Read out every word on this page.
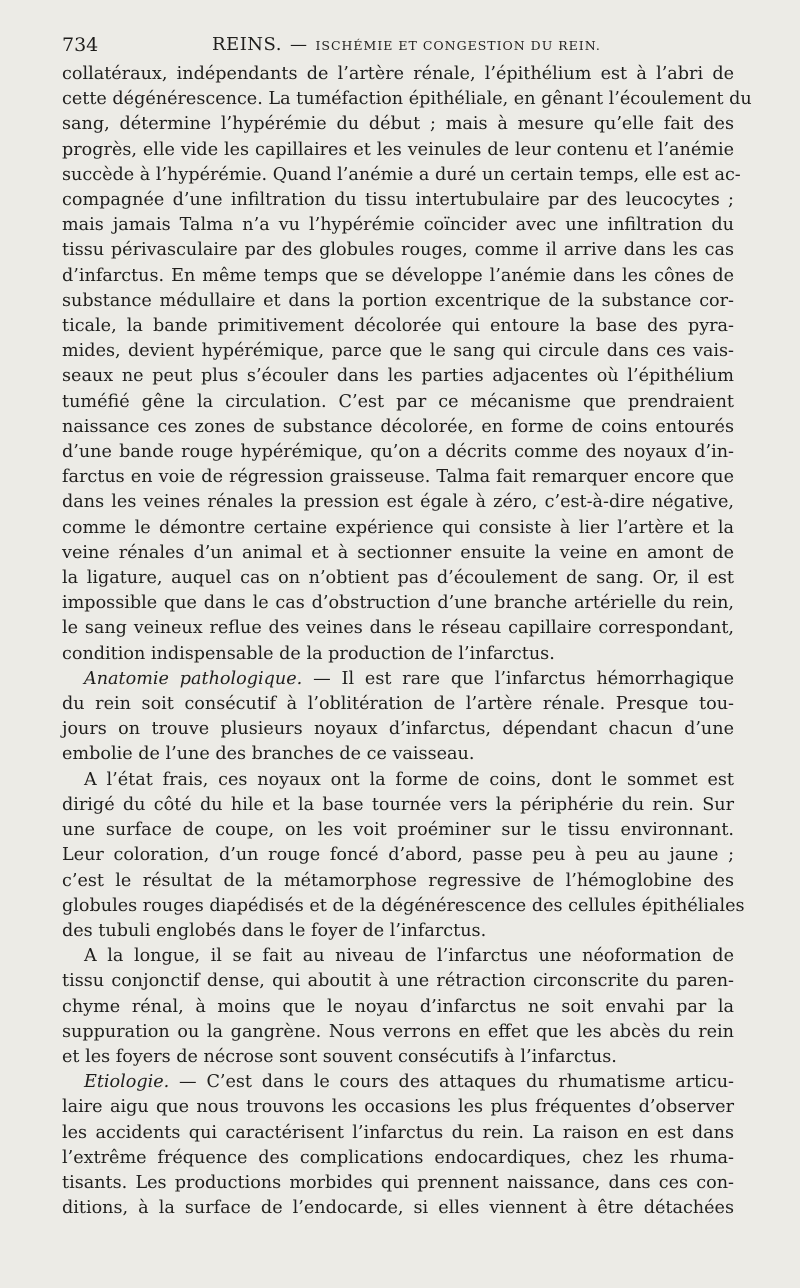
734	REINS. — ISCHÉMIE ET CONGESTION DU REIN.
collatéraux, indépendants de l’artère rénale, l’épithélium est à l’abri de
cette dégénérescence. La tuméfaction épithéliale, en gênant l’écoulement du
sang, détermine l’hypérémie du début ; mais à mesure qu’elle fait des
progrès, elle vide les capillaires et les veinules de leur contenu et l’anémie
succède à l’hypérémie. Quand l’anémie a duré un certain temps, elle est ac-
compagnée d’une infiltration du tissu intertubulaire par des leucocytes ;
mais jamais Talma n’a vu l’hypérémie coïncider avec une infiltration du
tissu périvasculaire par des globules rouges, comme il arrive dans les cas
d’infarctus. En même temps que se développe l’anémie dans les cônes de
substance médullaire et dans la portion excentrique de la substance cor-
ticale, la bande primitivement décolorée qui entoure la base des pyra-
mides, devient hypérémique, parce que le sang qui circule dans ces vais-
seaux ne peut plus s’écouler dans les parties adjacentes où l’épithélium
tuméfié gêne la circulation. C’est par ce mécanisme que prendraient
naissance ces zones de substance décolorée, en forme de coins entourés
d’une bande rouge hypérémique, qu’on a décrits comme des noyaux d’in-
farctus en voie de régression graisseuse. Talma fait remarquer encore que
dans les veines rénales la pression est égale à zéro, c’est-à-dire négative,
comme le démontre certaine expérience qui consiste à lier l’artère et la
veine rénales d’un animal et à sectionner ensuite la veine en amont de
la ligature, auquel cas on n’obtient pas d’écoulement de sang. Or, il est
impossible que dans le cas d’obstruction d’une branche artérielle du rein,
le sang veineux reflue des veines dans le réseau capillaire correspondant,
condition indispensable de la production de l’infarctus.
Anatomie pathologique. — Il est rare que l’infarctus hémorrhagique
du rein soit consécutif à l’oblitération de l’artère rénale. Presque tou-
jours on trouve plusieurs noyaux d’infarctus, dépendant chacun d’une
embolie de l’une des branches de ce vaisseau.
A l’état frais, ces noyaux ont la forme de coins, dont le sommet est
dirigé du côté du hile et la base tournée vers la périphérie du rein. Sur
une surface de coupe, on les voit proéminer sur le tissu environnant.
Leur coloration, d’un rouge foncé d’abord, passe peu à peu au jaune ;
c’est le résultat de la métamorphose regressive de l’hémoglobine des
globules rouges diapédisés et de la dégénérescence des cellules épithéliales
des tubuli englobés dans le foyer de l’infarctus.
A la longue, il se fait au niveau de l’infarctus une néoformation de
tissu conjonctif dense, qui aboutit à une rétraction circonscrite du paren-
chyme rénal, à moins que le noyau d’infarctus ne soit envahi par la
suppuration ou la gangrène. Nous verrons en effet que les abcès du rein
et les foyers de nécrose sont souvent consécutifs à l’infarctus.
Etiologie. — C’est dans le cours des attaques du rhumatisme articu-
laire aigu que nous trouvons les occasions les plus fréquentes d’observer
les accidents qui caractérisent l’infarctus du rein. La raison en est dans
l’extrême fréquence des complications endocardiques, chez les rhuma-
tisants. Les productions morbides qui prennent naissance, dans ces con-
ditions, à la surface de l’endocarde, si elles viennent à être détachées
